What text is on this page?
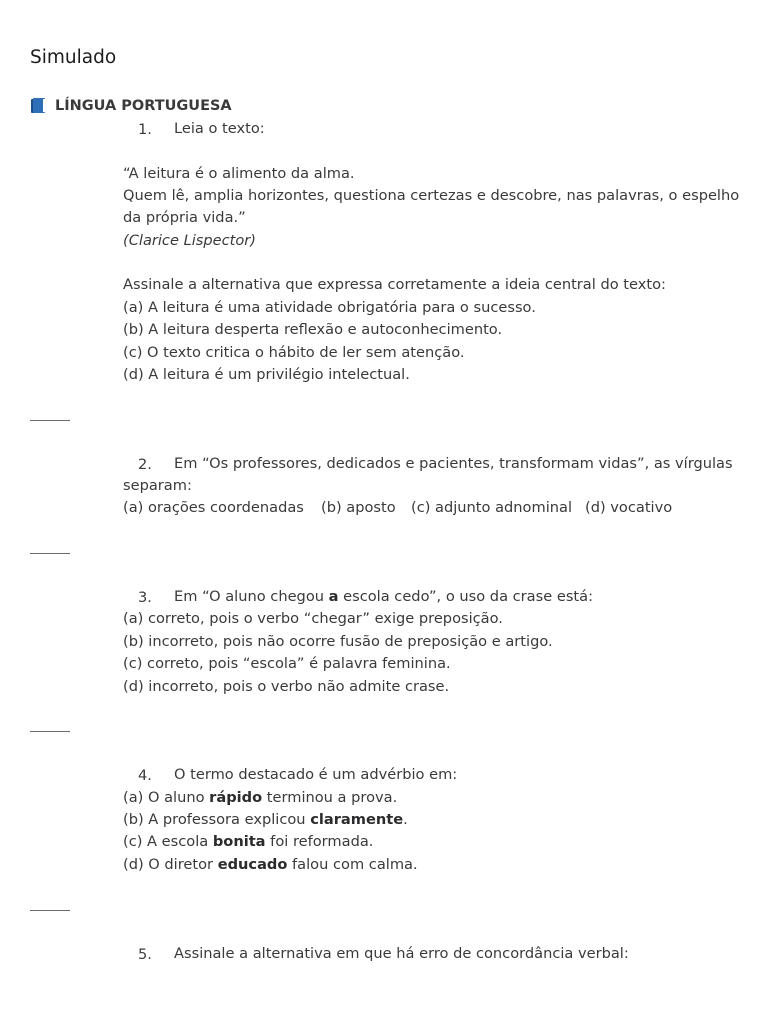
Simulado
LÍNGUA PORTUGUESA
1. Leia o texto:
“A leitura é o alimento da alma.
Quem lê, amplia horizontes, questiona certezas e descobre, nas palavras, o espelho
da própria vida.”
(Clarice Lispector)
Assinale a alternativa que expressa corretamente a ideia central do texto:
(a) A leitura é uma atividade obrigatória para o sucesso.
(b) A leitura desperta reflexão e autoconhecimento.
(c) O texto critica o hábito de ler sem atenção.
(d) A leitura é um privilégio intelectual.
2. Em “Os professores, dedicados e pacientes, transformam vidas”, as vírgulas
separam:
(a) orações coordenadas (b) aposto (c) adjunto adnominal (d) vocativo
3. Em “O aluno chegou a escola cedo”, o uso da crase está:
(a) correto, pois o verbo “chegar” exige preposição.
(b) incorreto, pois não ocorre fusão de preposição e artigo.
(c) correto, pois “escola” é palavra feminina.
(d) incorreto, pois o verbo não admite crase.
4. O termo destacado é um advérbio em:
(a) O aluno rápido terminou a prova.
(b) A professora explicou claramente.
(c) A escola bonita foi reformada.
(d) O diretor educado falou com calma.
5. Assinale a alternativa em que há erro de concordância verbal:
